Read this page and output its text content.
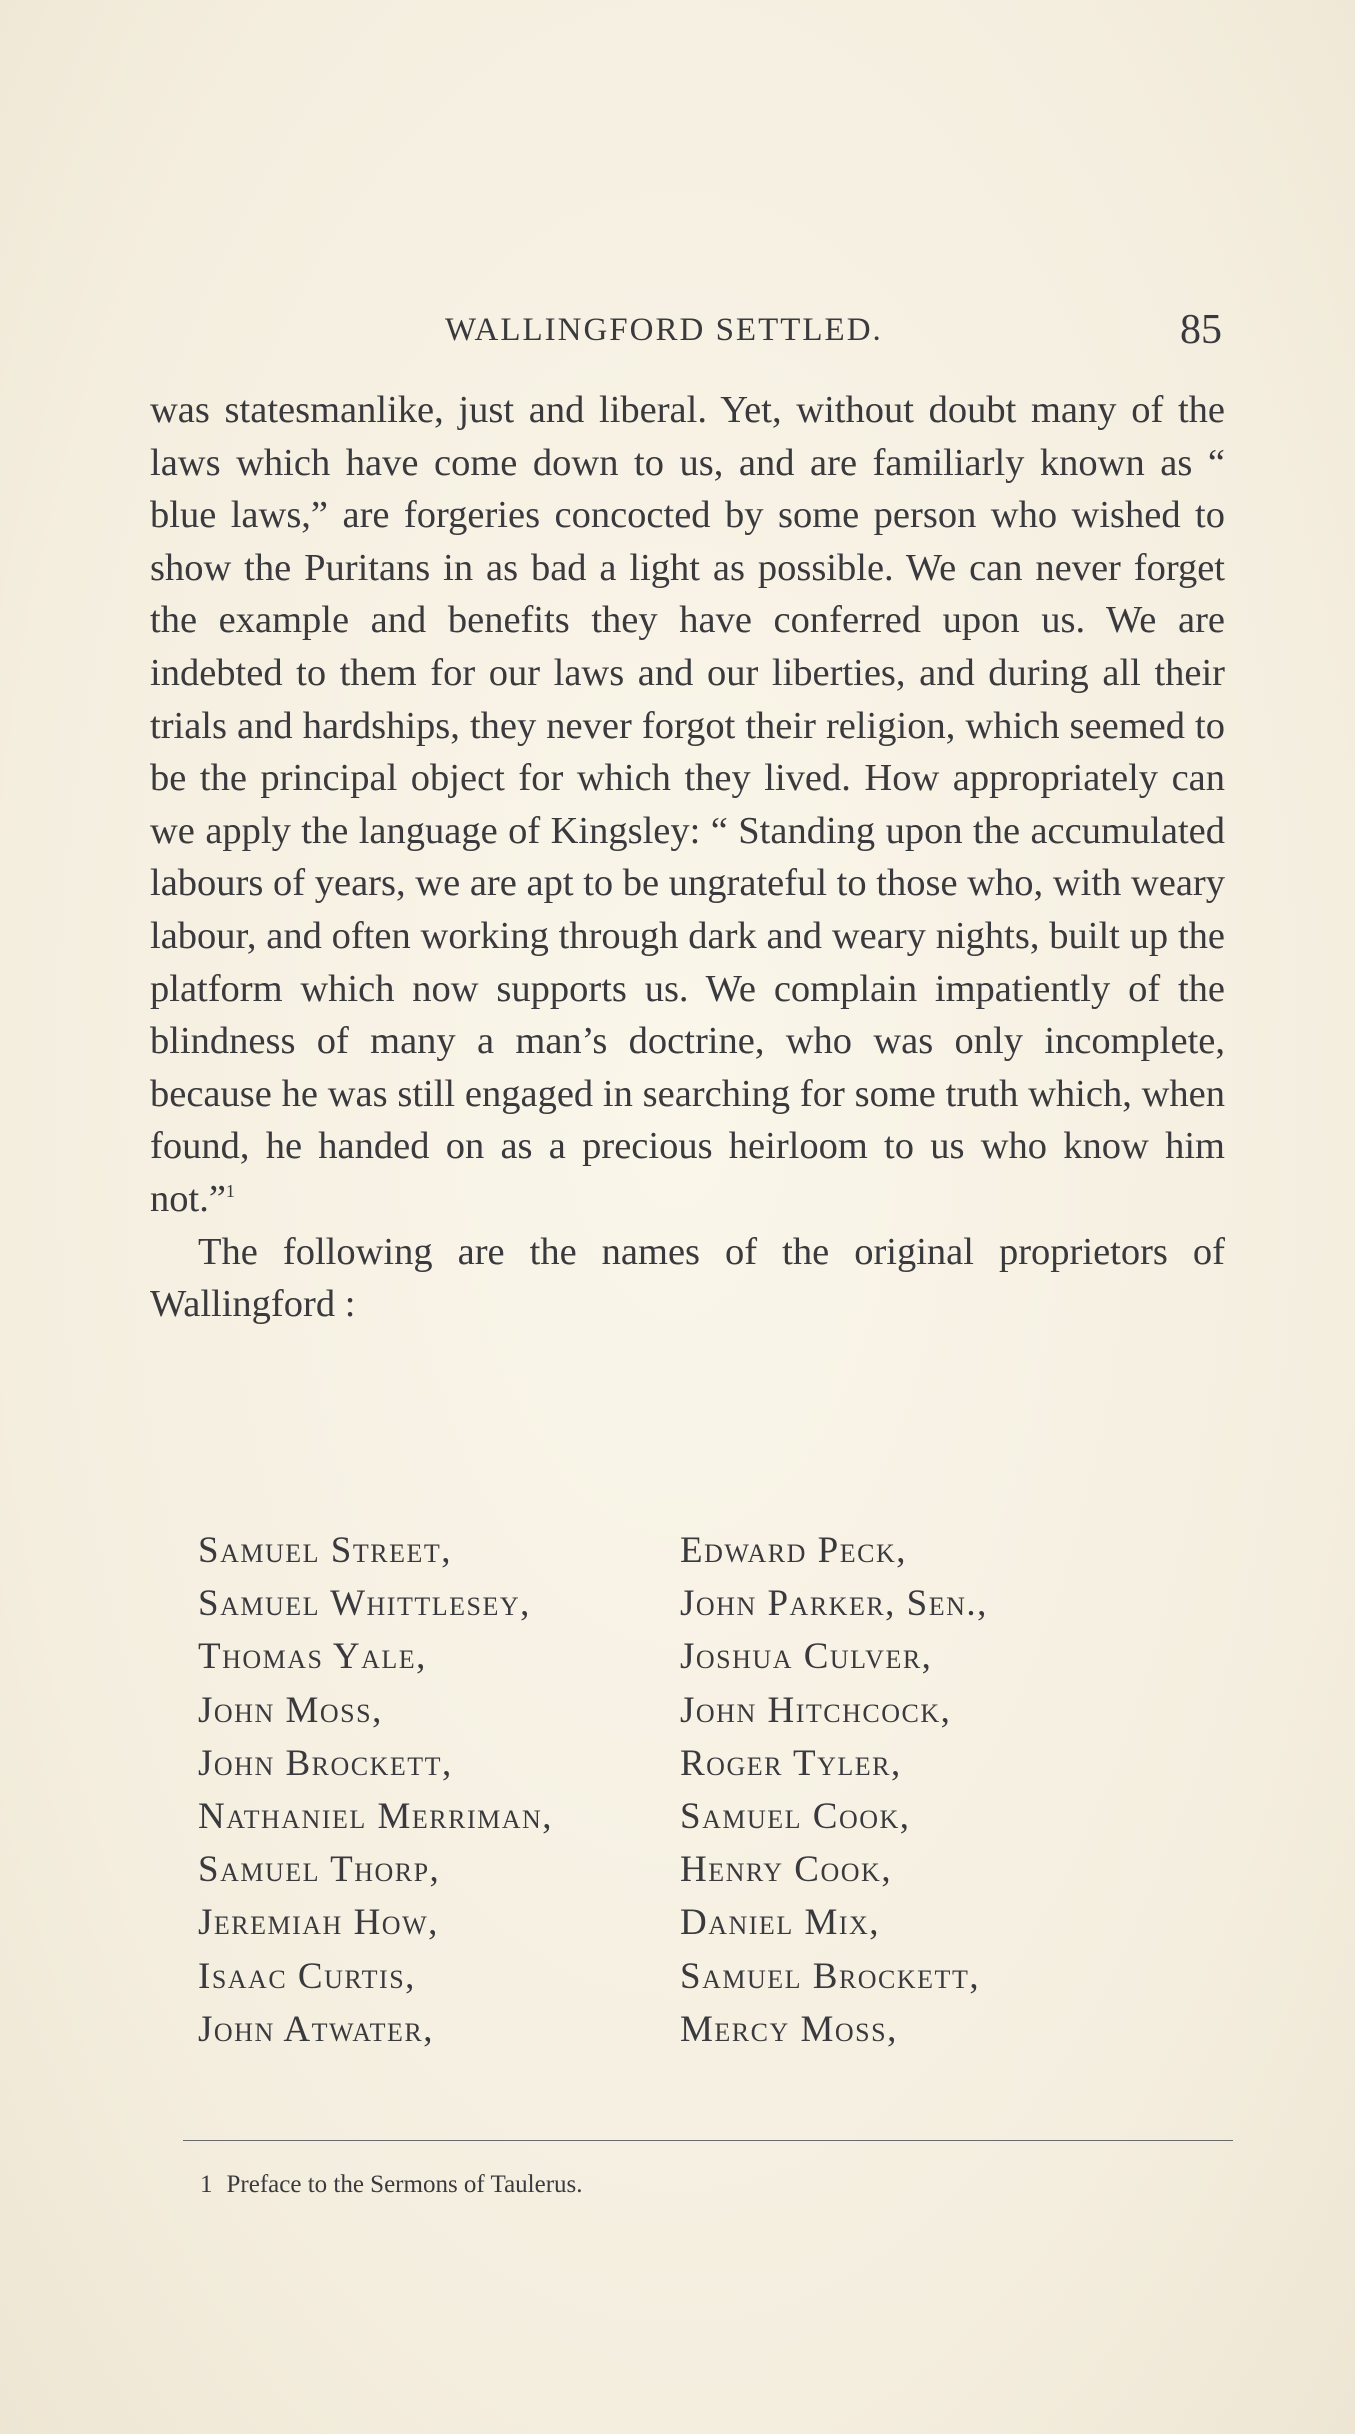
WALLINGFORD SETTLED.	85

was statesmanlike, just and liberal. Yet, without doubt many of the laws which have come down to us, and are familiarly known as “ blue laws,” are forgeries concocted by some person who wished to show the Puritans in as bad a light as possible. We can never forget the example and benefits they have conferred upon us. We are indebted to them for our laws and our liberties, and during all their trials and hardships, they never forgot their religion, which seemed to be the principal object for which they lived. How appropriately can we apply the language of Kingsley: “ Standing upon the accumulated labours of years, we are apt to be ungrateful to those who, with weary labour, and often working through dark and weary nights, built up the platform which now supports us. We complain impatiently of the blindness of many a man’s doctrine, who was only incomplete, because he was still engaged in searching for some truth which, when found, he handed on as a precious heirloom to us who know him not.”$^1$

The following are the names of the original proprietors of Wallingford :

Samuel Street,	Edward Peck,
Samuel Whittlesey,	John Parker, Sen.,
Thomas Yale,	Joshua Culver,
John Moss,	John Hitchcock,
John Brockett,	Roger Tyler,
Nathaniel Merriman,	Samuel Cook,
Samuel Thorp,	Henry Cook,
Jeremiah How,	Daniel Mix,
Isaac Curtis,	Samuel Brockett,
John Atwater,	Mercy Moss,
1 Preface to the Sermons of Taulerus.
